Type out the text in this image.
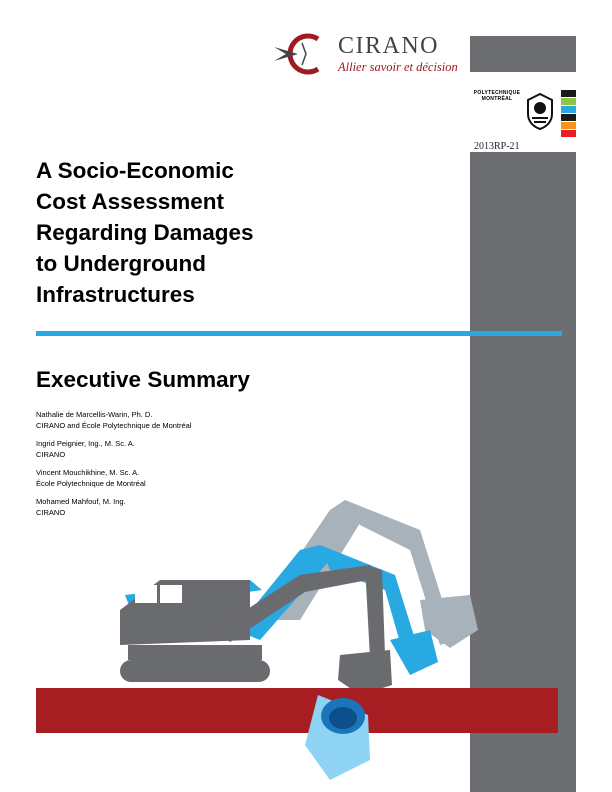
CIRANO
Allier savoir et décision
POLYTECHNIQUE
MONTRÉAL
2013RP-21
A Socio-Economic
Cost Assessment
Regarding Damages
to Underground
Infrastructures
Executive Summary
Nathalie de Marcellis-Warin, Ph. D.
CIRANO and École Polytechnique de Montréal
Ingrid Peignier, Ing., M. Sc. A.
CIRANO
Vincent Mouchikhine, M. Sc. A.
École Polytechnique de Montréal
Mohamed Mahfouf, M. Ing.
CIRANO
